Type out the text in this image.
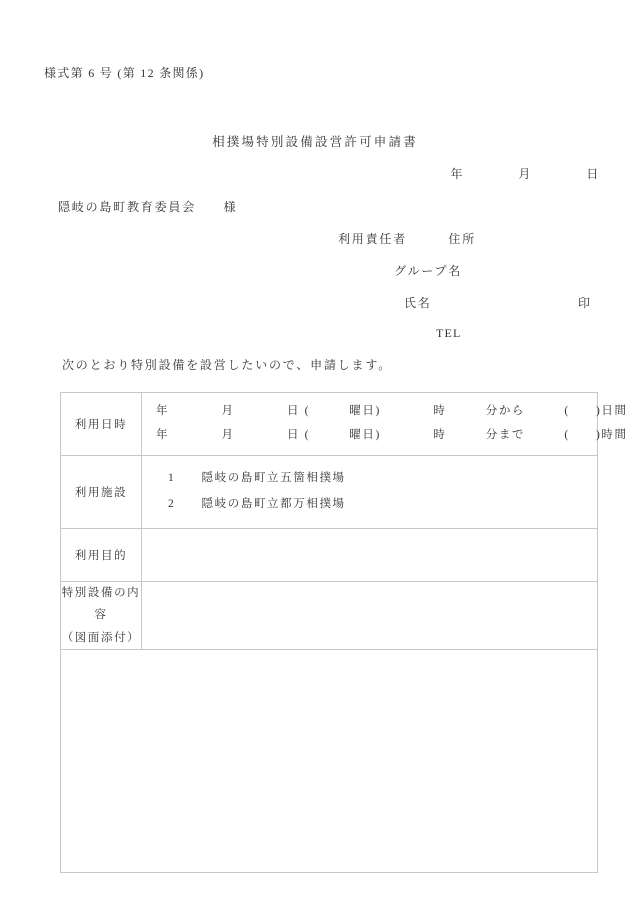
様式第 6 号 (第 12 条関係)
相撲場特別設備設営許可申請書
年　　　　月　　　　日
隠岐の島町教育委員会　　様
利用責任者　　　住所
グループ名
氏名	印
TEL
次のとおり特別設備を設営したいので、申請します。
利用日時	年　　　　月　　　　日 (　　　曜日)　　　　時　　　分から　　　(　　)日間
年　　　　月　　　　日 (　　　曜日)　　　　時　　　分まで　　　(　　)時間

利用施設	1　　隠岐の島町立五箇相撲場
2　　隠岐の島町立都万相撲場

利用目的	

特別設備の内容
（図面添付）	
